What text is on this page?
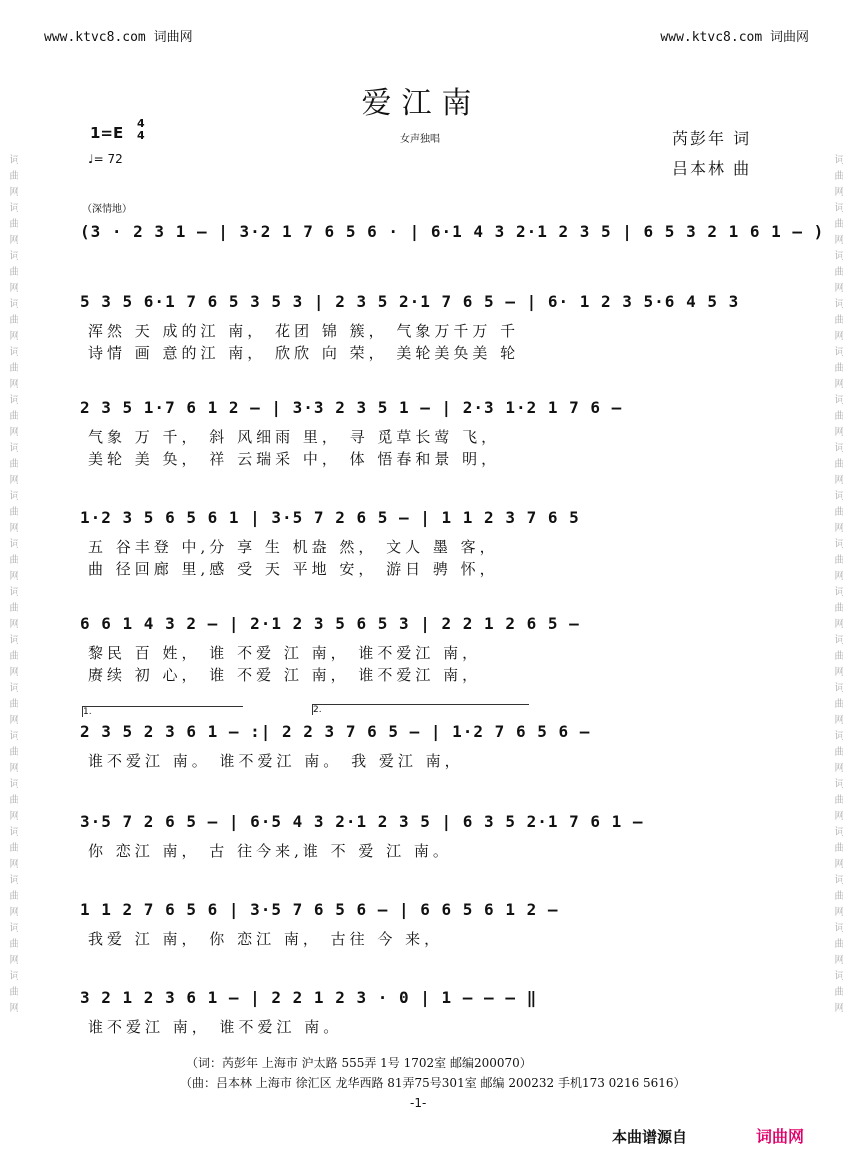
词曲网词曲网词曲网词曲网词曲网词曲网词曲网词曲网词曲网词曲网词曲网词曲网词曲网词曲网词曲网词曲网词曲网词曲网	词曲网词曲网词曲网词曲网词曲网词曲网词曲网词曲网词曲网词曲网词曲网词曲网词曲网词曲网词曲网词曲网词曲网词曲网
www.ktvc8.com 词曲网	www.ktvc8.com 词曲网
爱江南
1=E
4
4
♩= 72
女声独唱	芮彭年 词
吕本林 曲
（深情地）
(3 · 2 3 1 – | 3·2 1 7 6 5 6 · | 6·1 4 3 2·1 2 3 5 | 6 5 3 2 1 6 1 – )
5 3 5 6·1 7 6 5 3 5 3 | 2 3 5 2·1 7 6 5 – | 6· 1 2 3 5·6 4 5 3
浑然 天 成的江 南， 花团 锦 簇， 气象万千万 千
诗情 画 意的江 南， 欣欣 向 荣， 美轮美奂美 轮
2 3 5 1·7 6 1 2 – | 3·3 2 3 5 1 – | 2·3 1·2 1 7 6 –
气象 万 千， 斜 风细雨 里， 寻 觅草长莺 飞，
美轮 美 奂， 祥 云瑞采 中， 体 悟春和景 明，
1·2 3 5 6 5 6 1 | 3·5 7 2 6 5 – | 1 1 2 3 7 6 5
五 谷丰登 中,分 享 生 机盎 然， 文人 墨 客，
曲 径回廊 里,感 受 天 平地 安， 游日 骋 怀，
6 6 1 4 3 2 – | 2·1 2 3 5 6 5 3 | 2 2 1 2 6 5 –
黎民 百 姓， 谁 不爱 江 南， 谁不爱江 南，
赓续 初 心， 谁 不爱 江 南， 谁不爱江 南，
1.	2.
2 3 5 2 3 6 1 – :| 2 2 3 7 6 5 – | 1·2 7 6 5 6 –
谁不爱江 南。 谁不爱江 南。 我 爱江 南，
3·5 7 2 6 5 – | 6·5 4 3 2·1 2 3 5 | 6 3 5 2·1 7 6 1 –
你 恋江 南， 古 往今来,谁 不 爱 江 南。
1 1 2 7 6 5 6 | 3·5 7 6 5 6 – | 6 6 5 6 1 2 –
我爱 江 南， 你 恋江 南， 古往 今 来，
3 2 1 2 3 6 1 – | 2 2 1 2 3 · 0 | 1 – – – ‖
谁不爱江 南， 谁不爱江 南。
（词：芮彭年 上海市 沪太路 555弄 1号 1702室 邮编200070）
（曲：吕本林 上海市 徐汇区 龙华西路 81弄75号301室 邮编 200232 手机173 0216 5616）
-1-
本曲谱源自	词曲网
